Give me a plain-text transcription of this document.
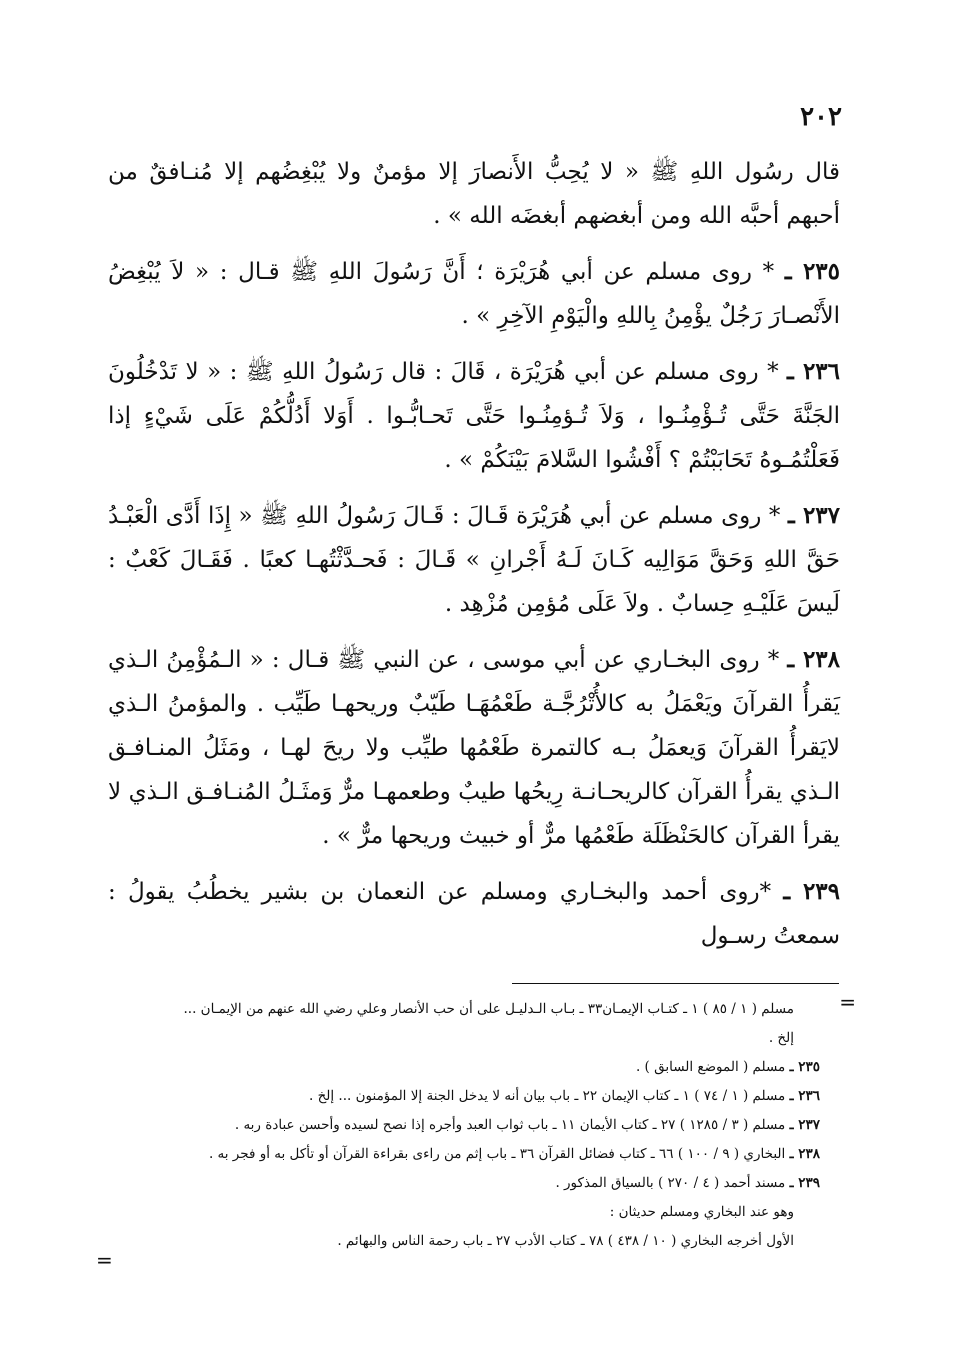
٢٠٢

قال رسُول اللهِ ﷺ « لا يُحِبُّ الأَنصارَ إلا مؤمنٌ ولا يُبْغِضُهم إلا مُنـافقٌ من أحبهم أحبَّه الله ومن أبغضهم أبغضَه الله » .

٢٣٥ ـ * روى مسلم عن أبي هُرَيْرَة ؛ أَنَّ رَسُولَ اللهِ ﷺ قـال : « لاَ يُبْغِضُ الأَنْصـارَ رَجُلٌ يؤْمِنُ بِاللهِ والْيَوْمِ الآخِرِ » .

٢٣٦ ـ * روى مسلم عن أبي هُرَيْرَة ، قَالَ : قال رَسُولُ اللهِ ﷺ : « لا تَدْخُلُونَ الجَنَّةَ حَتَّى تُـؤْمِنُـوا ، وَلاَ تُـؤمِنُـوا حَتَّى تَحـابُّـوا . أَوَلا أَدُلُّكُمْ عَلَى شَيْءٍ إذا فَعَلْتُمُـوهُ تَحَابَبْتُمْ ؟ أَفْشُوا السَّلامَ بَيْنَكُمْ » .

٢٣٧ ـ * روى مسلم عن أبي هُرَيْرَة قَـالَ : قَـالَ رَسُولُ اللهِ ﷺ « إِذَا أَدَّى الْعَبْـدُ حَقَّ اللهِ وَحَقَّ مَوَالِيه كَـانَ لَـهُ أَجْرانِ » قَـالَ : فَحـدَّثْتُهـا كعبًا . فَقَـالَ كَعْبٌ : لَيسَ عَلَيْـهِ حِسابٌ . ولاَ عَلَى مُؤمِن مُزْهِد .

٢٣٨ ـ * روى البخـاري عن أبي موسى ، عن النبي ﷺ قـال : « الـمُؤْمِنُ الـذي يَقرأُ القرآنَ ويَعْمَلُ به كالأُتْرُجَّـة طَعْمُهَـا طَيّبٌ وريحهـا طَيِّب . والمؤمنُ الـذي لايَقرأُ القرآنَ وَيعمَلُ بـه كالتمرة طَعْمُها طيِّب ولا ريحَ لهـا ، ومَثَلُ المنـافـق الـذي يقرأُ القرآن كالريحـانـة رِيحُها طيبٌ وطعمهـا مرٌّ وَمثَـلُ المُنـافـق الـذي لا يقرأ القرآن كالحَنْظَلَة طَعْمُها مرٌّ أو خبيث وريحها مرٌّ » .

٢٣٩ ـ *روى أحمد والبخـاري ومسلم عن النعمان بن بشير يخطُبُ يقولُ : سمعتُ رسـول

=

مسلم ( ١ / ٨٥ ) ١ ـ كتـاب الإيمـان٣٣ ـ بـاب الـدليـل على أن حب الأنصار وعلي رضي الله عنهم من الإيمـان ...

إلخ .

٢٣٥ ـ مسلم ( الموضع السابق ) .

٢٣٦ ـ مسلم ( ١ / ٧٤ ) ١ ـ كتاب الإيمان ٢٢ ـ باب بيان أنه لا يدخل الجنة إلا المؤمنون ... إلخ .

٢٣٧ ـ مسلم ( ٣ / ١٢٨٥ ) ٢٧ ـ كتاب الأيمان ١١ ـ باب ثواب العبد وأجره إذا نصح لسيده وأحسن عبادة ربه .

٢٣٨ ـ البخاري ( ٩ / ١٠٠ ) ٦٦ ـ كتاب فضائل القرآن ٣٦ ـ باب إثم من راءى بقراءة القرآن أو تأكل به أو فجر به .

٢٣٩ ـ مسند أحمد ( ٤ / ٢٧٠ ) بالسياق المذكور .

وهو عند البخاري ومسلم حديثان :

الأول أخرجه البخاري ( ١٠ / ٤٣٨ ) ٧٨ ـ كتاب الأدب ٢٧ ـ باب رحمة الناس والبهائم .

=
